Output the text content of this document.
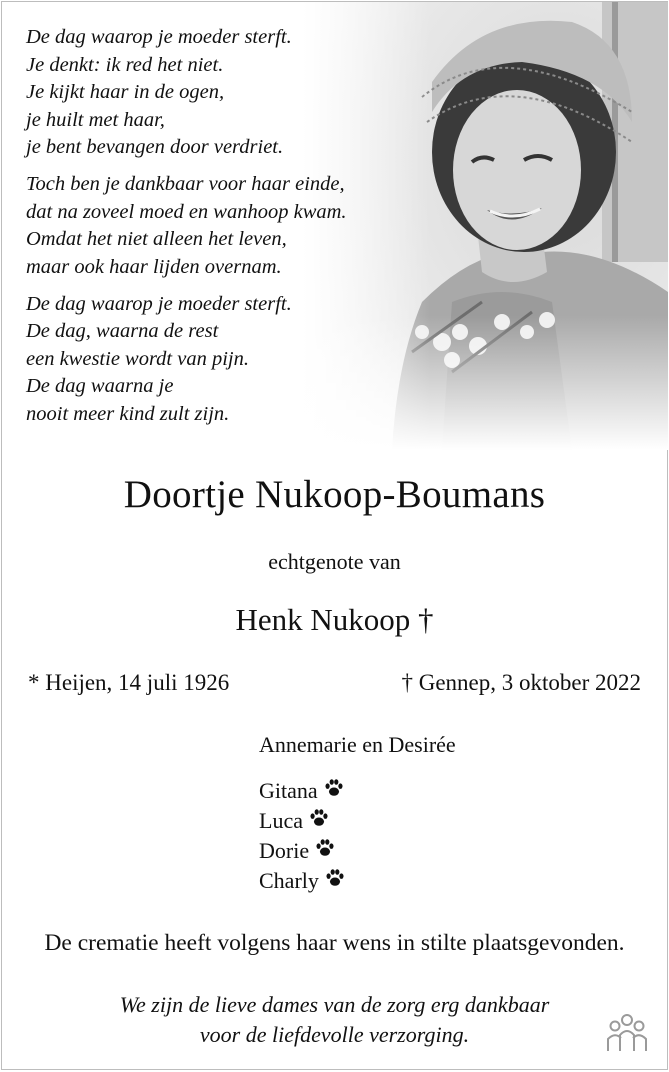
De dag waarop je moeder sterft.
Je denkt: ik red het niet.
Je kijkt haar in de ogen,
je huilt met haar,
je bent bevangen door verdriet.
Toch ben je dankbaar voor haar einde,
dat na zoveel moed en wanhoop kwam.
Omdat het niet alleen het leven,
maar ook haar lijden overnam.
De dag waarop je moeder sterft.
De dag, waarna de rest
een kwestie wordt van pijn.
De dag waarna je
nooit meer kind zult zijn.
Doortje Nukoop-Boumans
echtgenote van
Henk Nukoop †
* Heijen, 14 juli 1926	† Gennep, 3 oktober 2022
Annemarie en Desirée
Gitana
Luca
Dorie
Charly
De crematie heeft volgens haar wens in stilte plaatsgevonden.
We zijn de lieve dames van de zorg erg dankbaar
voor de liefdevolle verzorging.
